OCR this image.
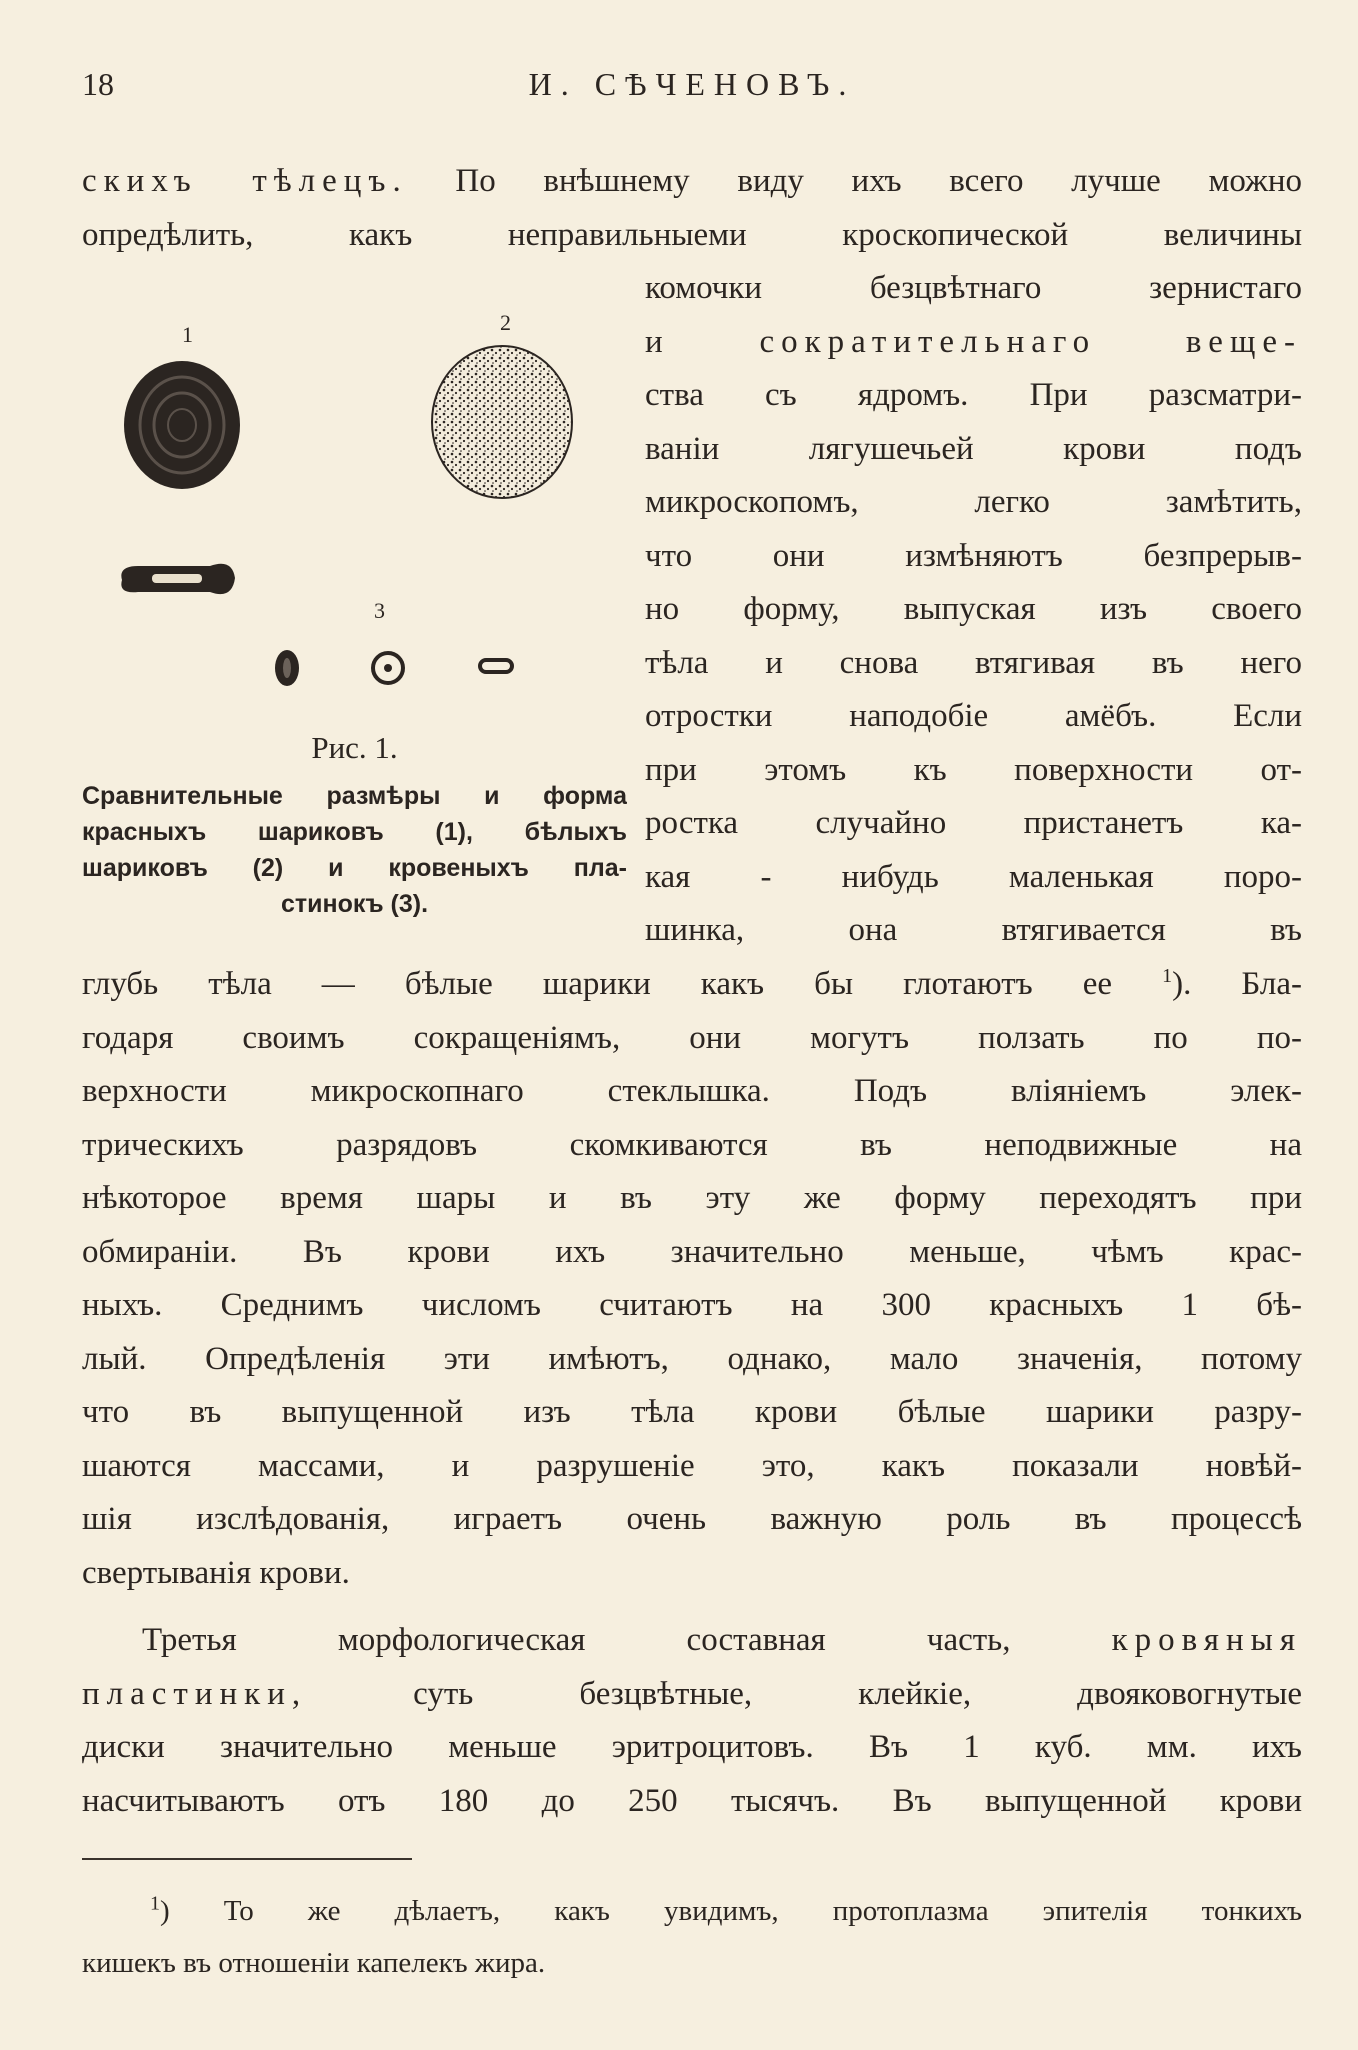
18	И. СѢЧЕНОВЪ.
скихъ тѣлецъ. По внѣшнему виду ихъ всего лучше можно
опредѣлить, какъ неправильныеми кроскопической величины
комочки безцвѣтнаго зернистаго
и сократительнаго веще-
ства съ ядромъ. При разсматри-
ванiи лягушечьей крови подъ
микроскопомъ, легко замѣтить,
что они измѣняютъ безпрерыв-
но форму, выпуская изъ своего
тѣла и снова втягивая въ него
отростки наподобiе амёбъ. Если
при этомъ къ поверхности от-
ростка случайно пристанетъ ка-
кая - нибудь маленькая поро-
шинка, она втягивается въ
1	2
3
Рис. 1.
Сравнительные размѣры и форма
красныхъ шариковъ (1), бѣлыхъ
шариковъ (2) и кровеныхъ пла-
стинокъ (3).
глубь тѣла — бѣлые шарики какъ бы глотаютъ ее	$^1$). Бла-
годаря своимъ сокращенiямъ, они могутъ ползать по по-
верхности микроскопнаго стеклышка. Подъ влiянiемъ элек-
трическихъ разрядовъ скомкиваются въ неподвижные на
нѣкоторое время шары и въ эту же форму переходятъ при
обмиранiи. Въ крови ихъ значительно меньше, чѣмъ крас-
ныхъ. Среднимъ числомъ считаютъ на 300 красныхъ 1 бѣ-
лый. Опредѣленiя эти имѣютъ, однако, мало значенiя, потому
что въ выпущенной изъ тѣла крови бѣлые шарики разру-
шаются массами, и разрушенiе это, какъ показали новѣй-
шiя изслѣдованiя, играетъ очень важную роль въ процессѣ
свертыванiя крови.
Третья морфологическая составная часть, кровяныя
пластинки, суть безцвѣтные, клейкiе, двояковогнутые
диски значительно меньше эритроцитовъ. Въ 1 куб. мм. ихъ
насчитываютъ отъ 180 до 250 тысячъ. Въ выпущенной крови
$^1$) То же дѣлаетъ, какъ увидимъ, протоплазма эпителiя тонкихъ
кишекъ въ отношенiи капелекъ жира.
